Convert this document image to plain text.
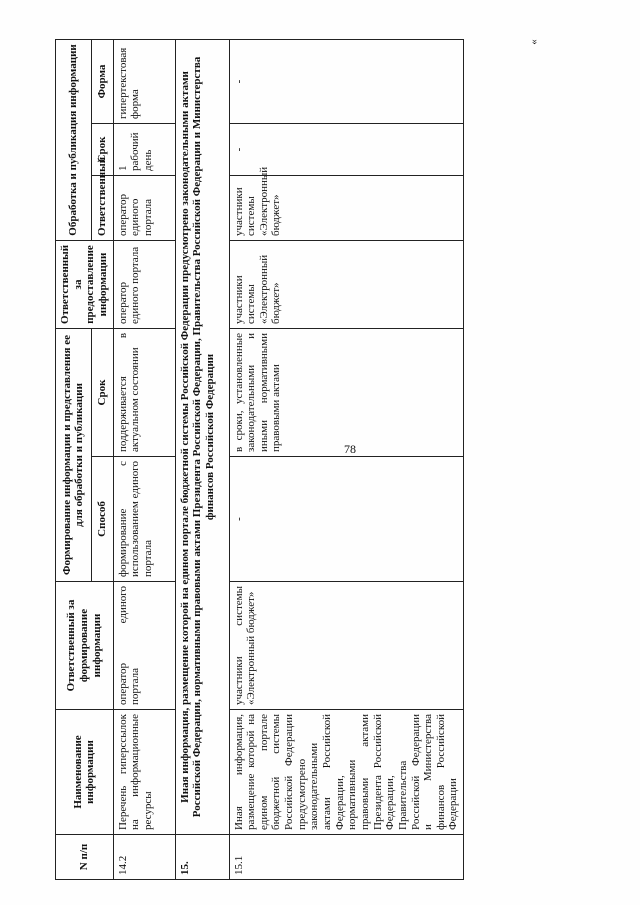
78
»
N п/п	Наименование информации	Ответственный за формирование информации	Формирование информации и представления ее для обработки и публикации		Ответственный за предоставление информации	Обработка и публикация информации		
			Способ	Срок		Ответственный	Срок	Форма
14.2	Перечень гиперссылок на информационные ресурсы	оператор единого портала	формирование с использованием единого портала	поддерживается в актуальном состоянии	оператор единого портала	оператор единого портала	1 рабочий день	гипертекстовая форма
15.	Иная информация, размещение которой на едином портале бюджетной системы Российской Федерации предусмотрено законодательными актами Российской Федерации, нормативными правовыми актами Президента Российской Федерации, Правительства Российской Федерации и Министерства финансов Российской Федерации							
15.1	Иная информация, размещение которой на едином портале бюджетной системы Российской Федерации предусмотрено законодательными актами Российской Федерации, нормативными правовыми актами Президента Российской Федерации, Правительства Российской Федерации и Министерства финансов Российской Федерации	участники системы «Электронный бюджет»	-	в сроки, установленные законодательными и иными нормативными правовыми актами	участники системы «Электронный бюджет»	участники системы «Электронный бюджет»	-	-
